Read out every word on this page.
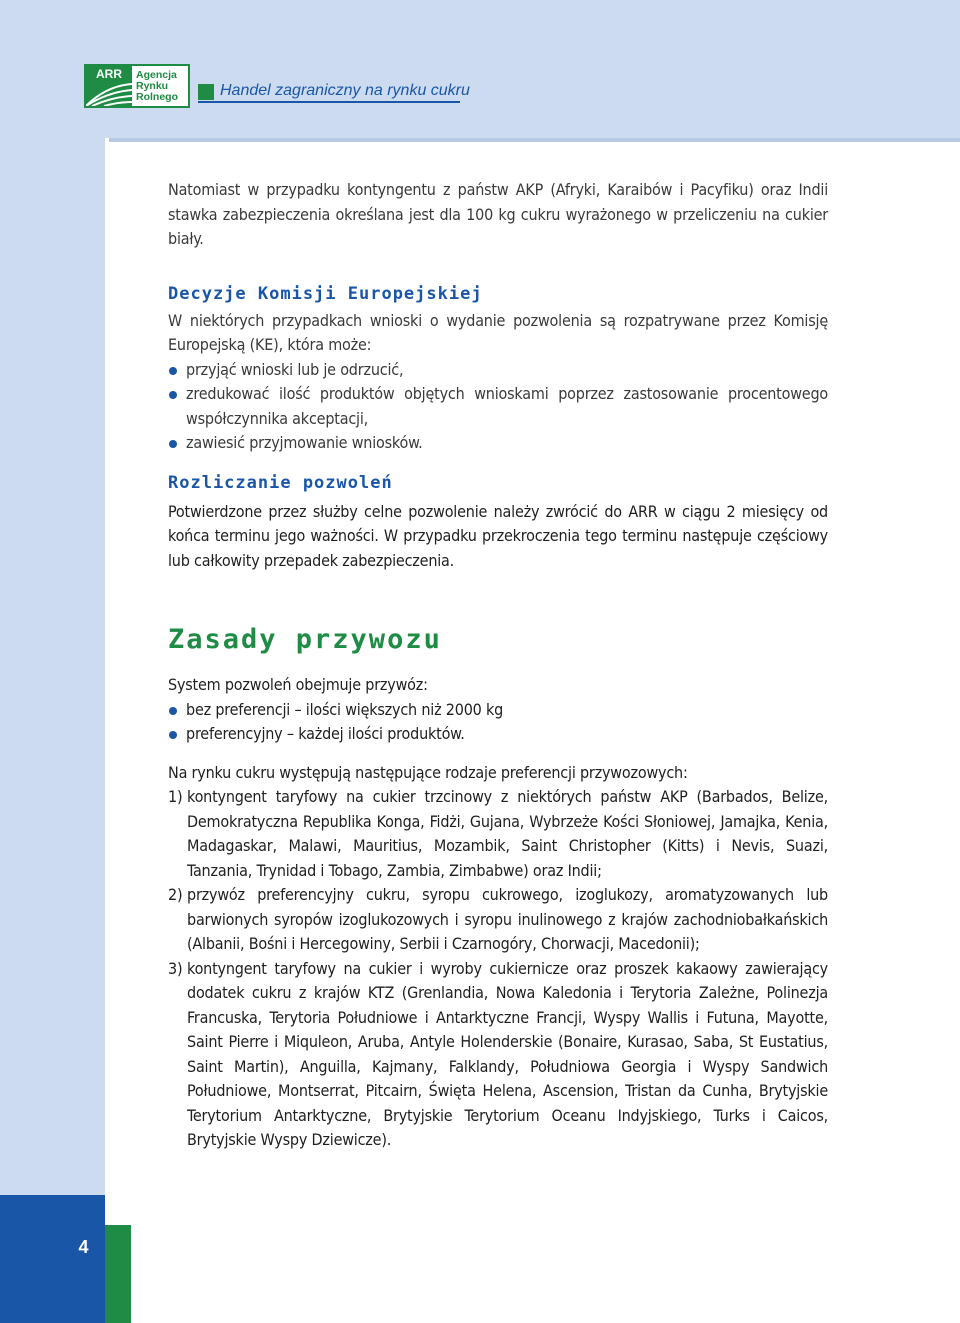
ARR Agencja
Rynku
Rolnego	Handel zagraniczny na rynku cukru
4

Natomiast w przypadku kontyngentu z państw AKP (Afryki, Karaibów i Pacyfiku) oraz Indii stawka zabezpieczenia określana jest dla 100 kg cukru wyrażonego w przeliczeniu na cukier biały.

Decyzje Komisji Europejskiej

W niektórych przypadkach wnioski o wydanie pozwolenia są rozpatrywane przez Komisję Europejską (KE), która może:

przyjąć wnioski lub je odrzucić,
zredukować ilość produktów objętych wnioskami poprzez zastosowanie procentowego współczynnika akceptacji,
zawiesić przyjmowanie wniosków.
Rozliczanie pozwoleń

Potwierdzone przez służby celne pozwolenie należy zwrócić do ARR w ciągu 2 miesięcy od końca terminu jego ważności. W przypadku przekroczenia tego terminu następuje częściowy lub całkowity przepadek zabezpieczenia.

Zasady przywozu

System pozwoleń obejmuje przywóz:

bez preferencji – ilości większych niż 2000 kg
preferencyjny – każdej ilości produktów.

Na rynku cukru występują następujące rodzaje preferencji przywozowych:

1) kontyngent taryfowy na cukier trzcinowy z niektórych państw AKP (Barbados, Belize, Demokratyczna Republika Konga, Fidżi, Gujana, Wybrzeże Kości Słoniowej, Jamajka, Kenia, Madagaskar, Malawi, Mauritius, Mozambik, Saint Christopher (Kitts) i Nevis, Suazi, Tanzania, Trynidad i Tobago, Zambia, Zimbabwe) oraz Indii;
2) przywóz preferencyjny cukru, syropu cukrowego, izoglukozy, aromatyzowanych lub barwionych syropów izoglukozowych i syropu inulinowego z krajów zachodniobałkańskich (Albanii, Bośni i Hercegowiny, Serbii i Czarnogóry, Chorwacji, Macedonii);
3) kontyngent taryfowy na cukier i wyroby cukiernicze oraz proszek kakaowy zawierający dodatek cukru z krajów KTZ (Grenlandia, Nowa Kaledonia i Terytoria Zależne, Polinezja Francuska, Terytoria Południowe i Antarktyczne Francji, Wyspy Wallis i Futuna, Mayotte, Saint Pierre i Miquleon, Aruba, Antyle Holenderskie (Bonaire, Kurasao, Saba, St Eustatius, Saint Martin), Anguilla, Kajmany, Falklandy, Południowa Georgia i Wyspy Sandwich Południowe, Montserrat, Pitcairn, Święta Helena, Ascension, Tristan da Cunha, Brytyjskie Terytorium Antarktyczne, Brytyjskie Terytorium Oceanu Indyjskiego, Turks i Caicos, Brytyjskie Wyspy Dziewicze).
